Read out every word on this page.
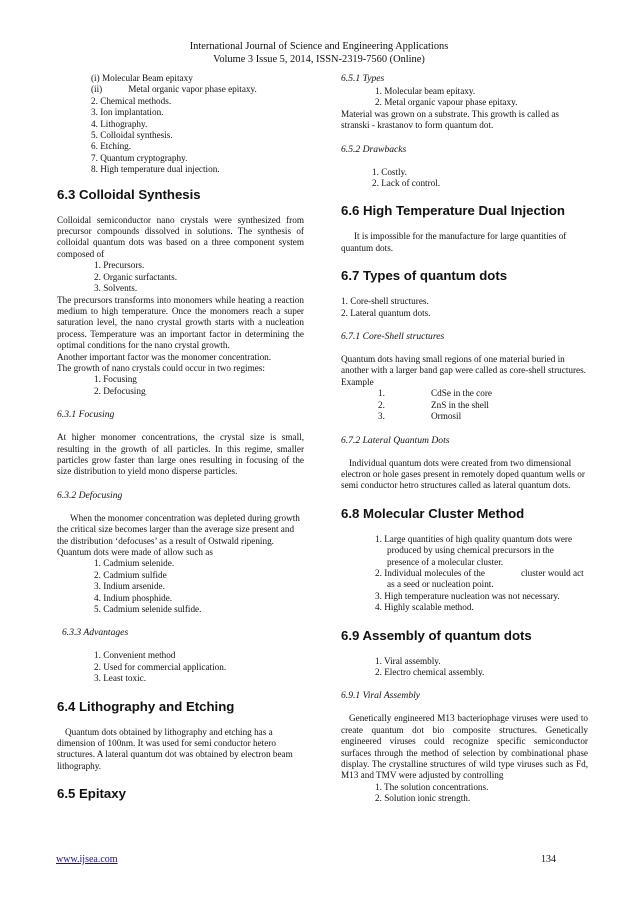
International Journal of Science and Engineering Applications
Volume 3 Issue 5, 2014, ISSN-2319-7560 (Online)
(i) Molecular Beam epitaxy
(ii)	Metal organic vapor phase epitaxy.
2. Chemical methods.
3. Ion implantation.
4. Lithography.
5. Colloidal synthesis.
6. Etching.
7. Quantum cryptography.
8. High temperature dual injection.
6.3 Colloidal Synthesis

Colloidal semiconductor nano crystals were synthesized from precursor compounds dissolved in solutions. The synthesis of colloidal quantum dots was based on a three component system composed of

1. Precursors.
2. Organic surfactants.
3. Solvents.

The precursors transforms into monomers while heating a reaction medium to high temperature. Once the monomers reach a super saturation level, the nano crystal growth starts with a nucleation process. Temperature was an important factor in determining the optimal conditions for the nano crystal growth.

Another important factor was the monomer concentration.

The growth of nano crystals could occur in two regimes:

1. Focusing
2. Defocusing
6.3.1 Focusing

At higher monomer concentrations, the crystal size is small, resulting in the growth of all particles. In this regime, smaller particles grow faster than large ones resulting in focusing of the size distribution to yield mono disperse particles.

6.3.2 Defocusing

When the monomer concentration was depleted during growth the critical size becomes larger than the average size present and the distribution ‘defocuses’ as a result of Ostwald ripening.

Quantum dots were made of allow such as

1. Cadmium selenide.
2. Cadmium sulfide
3. Indium arsenide.
4. Indium phosphide.
5. Cadmium selenide sulfide.
6.3.3 Advantages
1. Convenient method
2. Used for commercial application.
3. Least toxic.
6.4 Lithography and Etching

Quantum dots obtained by lithography and etching has a dimension of 100nm. It was used for semi conductor hetero structures. A lateral quantum dot was obtained by electron beam lithography.

6.5 Epitaxy
6.5.1 Types
1. Molecular beam epitaxy.
2. Metal organic vapour phase epitaxy.

Material was grown on a substrate. This growth is called as stranski - krastanov to form quantum dot.

6.5.2 Drawbacks
1. Costly.
2. Lack of control.
6.6 High Temperature Dual Injection

It is impossible for the manufacture for large quantities of quantum dots.

6.7 Types of quantum dots
1. Core-shell structures.
2. Lateral quantum dots.
6.7.1 Core-Shell structures

Quantum dots having small regions of one material buried in another with a larger band gap were called as core-shell structures.

Example

1.	CdSe in the core
2.	ZnS in the shell
3.	Ormosil
6.7.2 Lateral Quantum Dots

Individual quantum dots were created from two dimensional electron or hole gases present in remotely doped quantum wells or semi conductor hetro structures called as lateral quantum dots.

6.8 Molecular Cluster Method
1. Large quantities of high quality quantum dots were produced by using chemical precursors in the presence of a molecular cluster.
2. Individual molecules of the	cluster would act as a seed or nucleation point.
3. High temperature nucleation was not necessary.
4. Highly scalable method.
6.9 Assembly of quantum dots
1. Viral assembly.
2. Electro chemical assembly.
6.9.1 Viral Assembly

Genetically engineered M13 bacteriophage viruses were used to create quantum dot bio composite structures. Genetically engineered viruses could recognize specific semiconductor surfaces through the method of selection by combinational phase display. The crystalline structures of wild type viruses such as Fd, M13 and TMV were adjusted by controlling

1. The solution concentrations.
2. Solution ionic strength.
www.ijsea.com	134
